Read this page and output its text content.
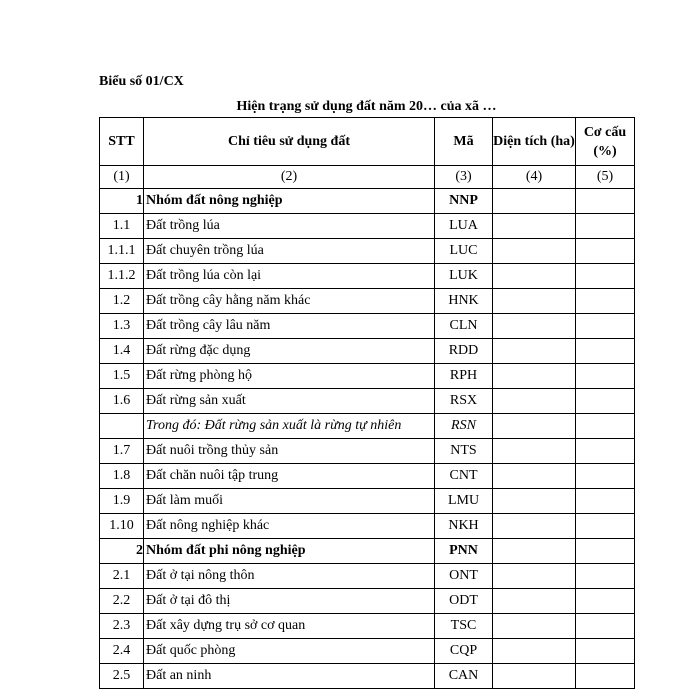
Biểu số 01/CX
Hiện trạng sử dụng đất năm 20… của xã …
STT	Chỉ tiêu sử dụng đất	Mã	Diện tích (ha)	Cơ cấu (%)
(1)	(2)	(3)	(4)	(5)
1	Nhóm đất nông nghiệp	NNP		
1.1	Đất trồng lúa	LUA		
1.1.1	Đất chuyên trồng lúa	LUC		
1.1.2	Đất trồng lúa còn lại	LUK		
1.2	Đất trồng cây hằng năm khác	HNK		
1.3	Đất trồng cây lâu năm	CLN		
1.4	Đất rừng đặc dụng	RDD		
1.5	Đất rừng phòng hộ	RPH		
1.6	Đất rừng sản xuất	RSX		
	Trong đó: Đất rừng sản xuất là rừng tự nhiên	RSN		
1.7	Đất nuôi trồng thủy sản	NTS		
1.8	Đất chăn nuôi tập trung	CNT		
1.9	Đất làm muối	LMU		
1.10	Đất nông nghiệp khác	NKH		
2	Nhóm đất phi nông nghiệp	PNN		
2.1	Đất ở tại nông thôn	ONT		
2.2	Đất ở tại đô thị	ODT		
2.3	Đất xây dựng trụ sở cơ quan	TSC		
2.4	Đất quốc phòng	CQP		
2.5	Đất an ninh	CAN		
